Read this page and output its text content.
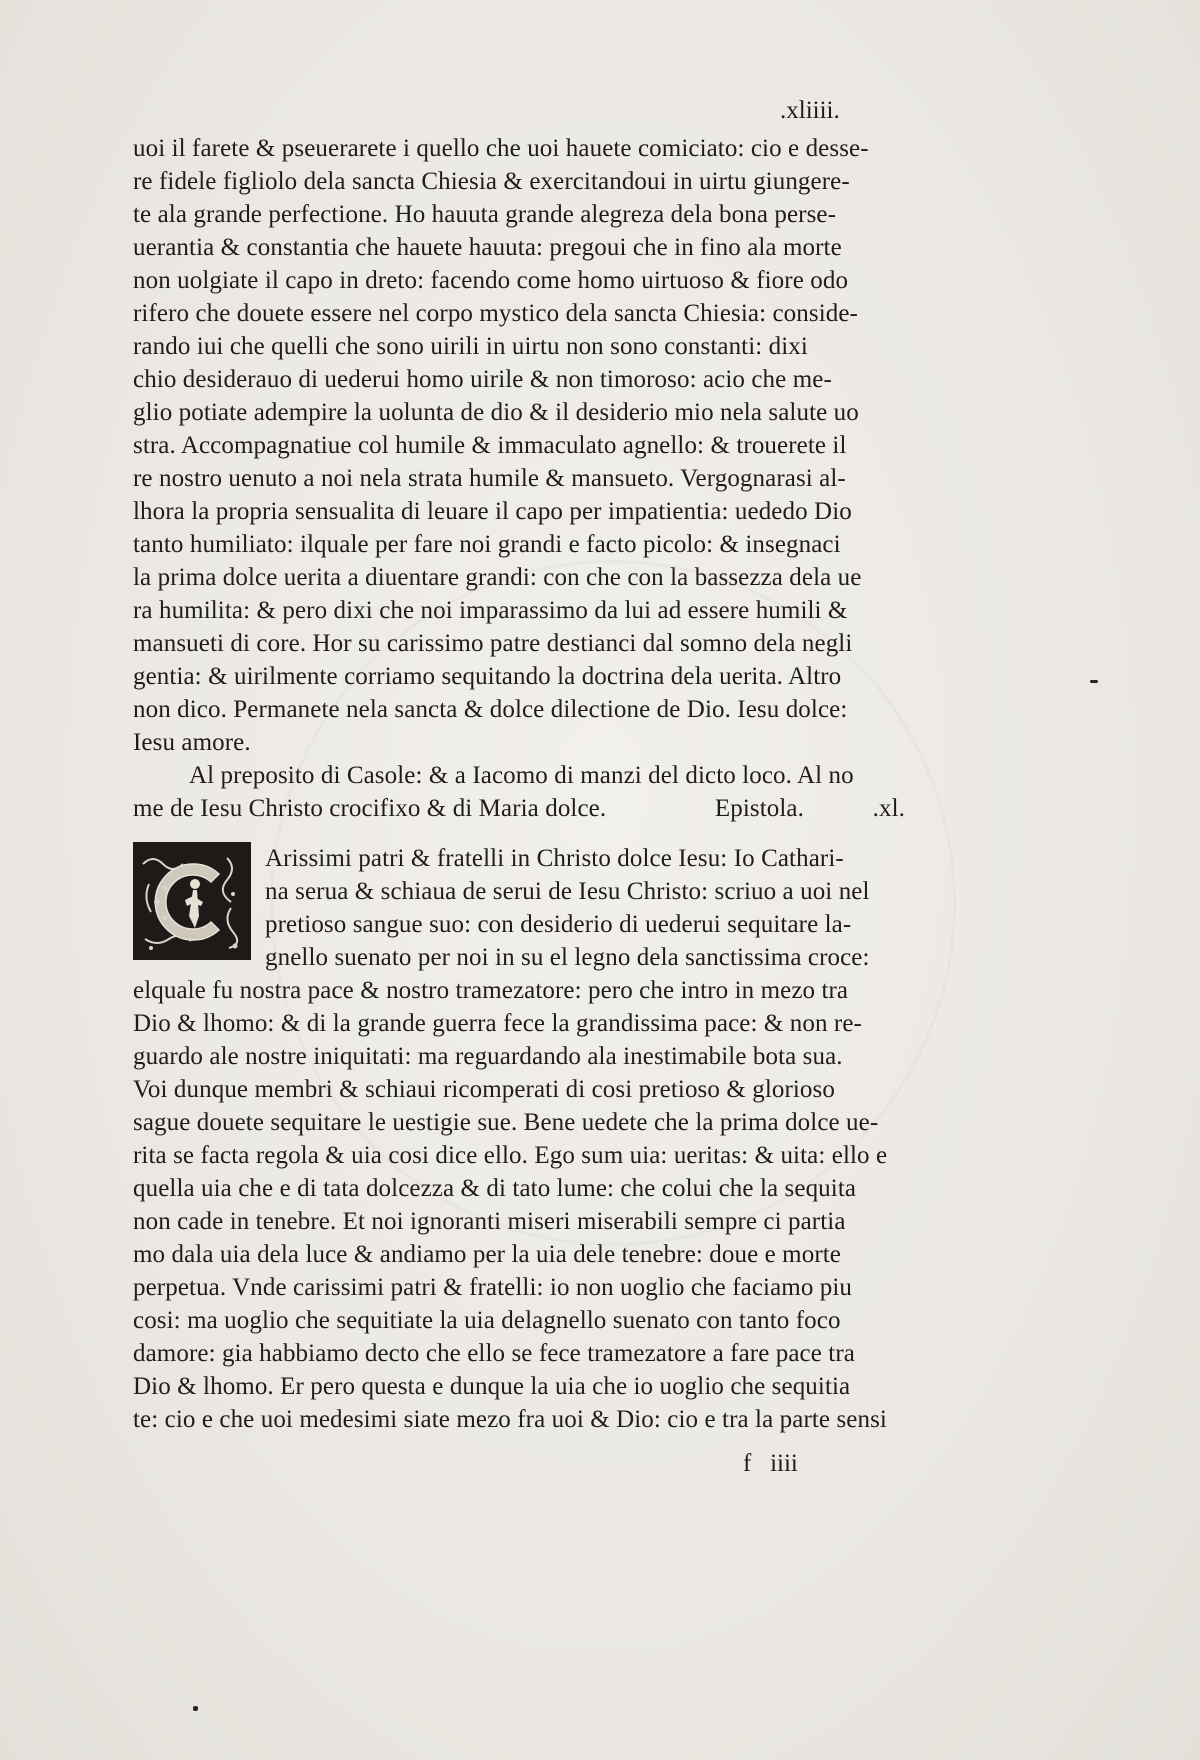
.xliiii.
uoi il farete & pseuerarete i quello che uoi hauete comiciato: cio e desse-
re fidele figliolo dela sancta Chiesia & exercitandoui in uirtu giungere-
te ala grande perfectione. Ho hauuta grande alegreza dela bona perse-
uerantia & constantia che hauete hauuta: pregoui che in fino ala morte
non uolgiate il capo in dreto: facendo come homo uirtuoso & fiore odo
rifero che douete essere nel corpo mystico dela sancta Chiesia: conside-
rando iui che quelli che sono uirili in uirtu non sono constanti: dixi
chio desiderauo di uederui homo uirile & non timoroso: acio che me-
glio potiate adempire la uolunta de dio & il desiderio mio nela salute uo
stra. Accompagnatiue col humile & immaculato agnello: & trouerete il
re nostro uenuto a noi nela strata humile & mansueto. Vergognarasi al-
lhora la propria sensualita di leuare il capo per impatientia: uededo Dio
tanto humiliato: ilquale per fare noi grandi e facto picolo: & insegnaci
la prima dolce uerita a diuentare grandi: con che con la bassezza dela ue
ra humilita: & pero dixi che noi imparassimo da lui ad essere humili &
mansueti di core. Hor su carissimo patre destianci dal somno dela negli
gentia: & uirilmente corriamo sequitando la doctrina dela uerita. Altro
non dico. Permanete nela sancta & dolce dilectione de Dio. Iesu dolce:
Iesu amore.
Al preposito di Casole: & a Iacomo di manzi del dicto loco. Al no
me de Iesu Christo crocifixo & di Maria dolce.	Epistola.	.xl.
Arissimi patri & fratelli in Christo dolce Iesu: Io Cathari-
na serua & schiaua de serui de Iesu Christo: scriuo a uoi nel
pretioso sangue suo: con desiderio di uederui sequitare la-
gnello suenato per noi in su el legno dela sanctissima croce:
elquale fu nostra pace & nostro tramezatore: pero che intro in mezo tra
Dio & lhomo: & di la grande guerra fece la grandissima pace: & non re-
guardo ale nostre iniquitati: ma reguardando ala inestimabile bota sua.
Voi dunque membri & schiaui ricomperati di cosi pretioso & glorioso
sague douete sequitare le uestigie sue. Bene uedete che la prima dolce ue-
rita se facta regola & uia cosi dice ello. Ego sum uia: ueritas: & uita: ello e
quella uia che e di tata dolcezza & di tato lume: che colui che la sequita
non cade in tenebre. Et noi ignoranti miseri miserabili sempre ci partia
mo dala uia dela luce & andiamo per la uia dele tenebre: doue e morte
perpetua. Vnde carissimi patri & fratelli: io non uoglio che faciamo piu
cosi: ma uoglio che sequitiate la uia delagnello suenato con tanto foco
damore: gia habbiamo decto che ello se fece tramezatore a fare pace tra
Dio & lhomo. Er pero questa e dunque la uia che io uoglio che sequitia
te: cio e che uoi medesimi siate mezo fra uoi & Dio: cio e tra la parte sensi
f   iiii
